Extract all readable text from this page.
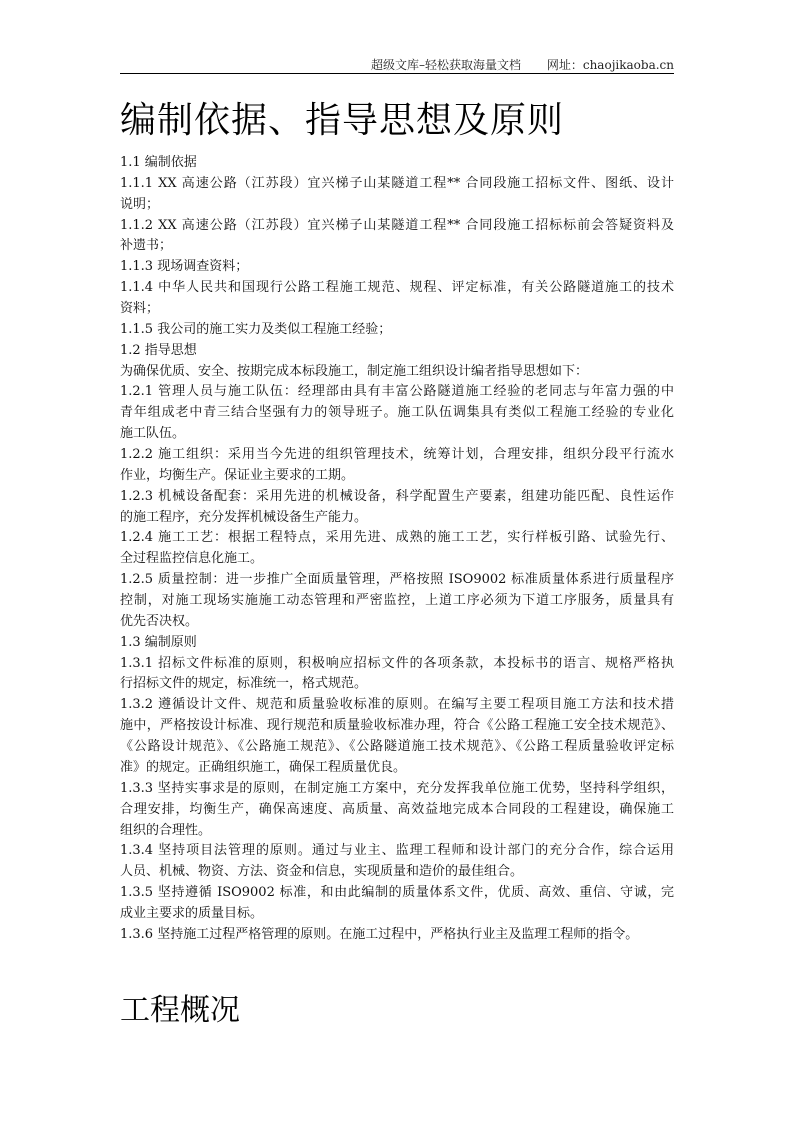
超级文库–轻松获取海量文档 网址：chaojikaoba.cn
编制依据、指导思想及原则
1.1 编制依据
1.1.1 XX 高速公路（江苏段）宜兴梯子山某隧道工程** 合同段施工招标文件、图纸、设计
说明；
1.1.2 XX 高速公路（江苏段）宜兴梯子山某隧道工程** 合同段施工招标标前会答疑资料及
补遗书；
1.1.3 现场调查资料；
1.1.4 中华人民共和国现行公路工程施工规范、规程、评定标准，有关公路隧道施工的技术
资料；
1.1.5 我公司的施工实力及类似工程施工经验；
1.2 指导思想
为确保优质、安全、按期完成本标段施工，制定施工组织设计编者指导思想如下：
1.2.1 管理人员与施工队伍：经理部由具有丰富公路隧道施工经验的老同志与年富力强的中
青年组成老中青三结合坚强有力的领导班子。施工队伍调集具有类似工程施工经验的专业化
施工队伍。
1.2.2 施工组织：采用当今先进的组织管理技术，统筹计划，合理安排，组织分段平行流水
作业，均衡生产。保证业主要求的工期。
1.2.3 机械设备配套：采用先进的机械设备，科学配置生产要素，组建功能匹配、良性运作
的施工程序，充分发挥机械设备生产能力。
1.2.4 施工工艺：根据工程特点，采用先进、成熟的施工工艺，实行样板引路、试验先行、
全过程监控信息化施工。
1.2.5 质量控制：进一步推广全面质量管理，严格按照 ISO9002 标准质量体系进行质量程序
控制，对施工现场实施施工动态管理和严密监控，上道工序必须为下道工序服务，质量具有
优先否决权。
1.3 编制原则
1.3.1 招标文件标准的原则，积极响应招标文件的各项条款，本投标书的语言、规格严格执
行招标文件的规定，标准统一，格式规范。
1.3.2 遵循设计文件、规范和质量验收标准的原则。在编写主要工程项目施工方法和技术措
施中，严格按设计标准、现行规范和质量验收标准办理，符合《公路工程施工安全技术规范》、
《公路设计规范》、《公路施工规范》、《公路隧道施工技术规范》、《公路工程质量验收评定标
准》的规定。正确组织施工，确保工程质量优良。
1.3.3 坚持实事求是的原则，在制定施工方案中，充分发挥我单位施工优势，坚持科学组织，
合理安排，均衡生产，确保高速度、高质量、高效益地完成本合同段的工程建设，确保施工
组织的合理性。
1.3.4 坚持项目法管理的原则。通过与业主、监理工程师和设计部门的充分合作，综合运用
人员、机械、物资、方法、资金和信息，实现质量和造价的最佳组合。
1.3.5 坚持遵循 ISO9002 标准，和由此编制的质量体系文件，优质、高效、重信、守诚，完
成业主要求的质量目标。
1.3.6 坚持施工过程严格管理的原则。在施工过程中，严格执行业主及监理工程师的指令。
工程概况
